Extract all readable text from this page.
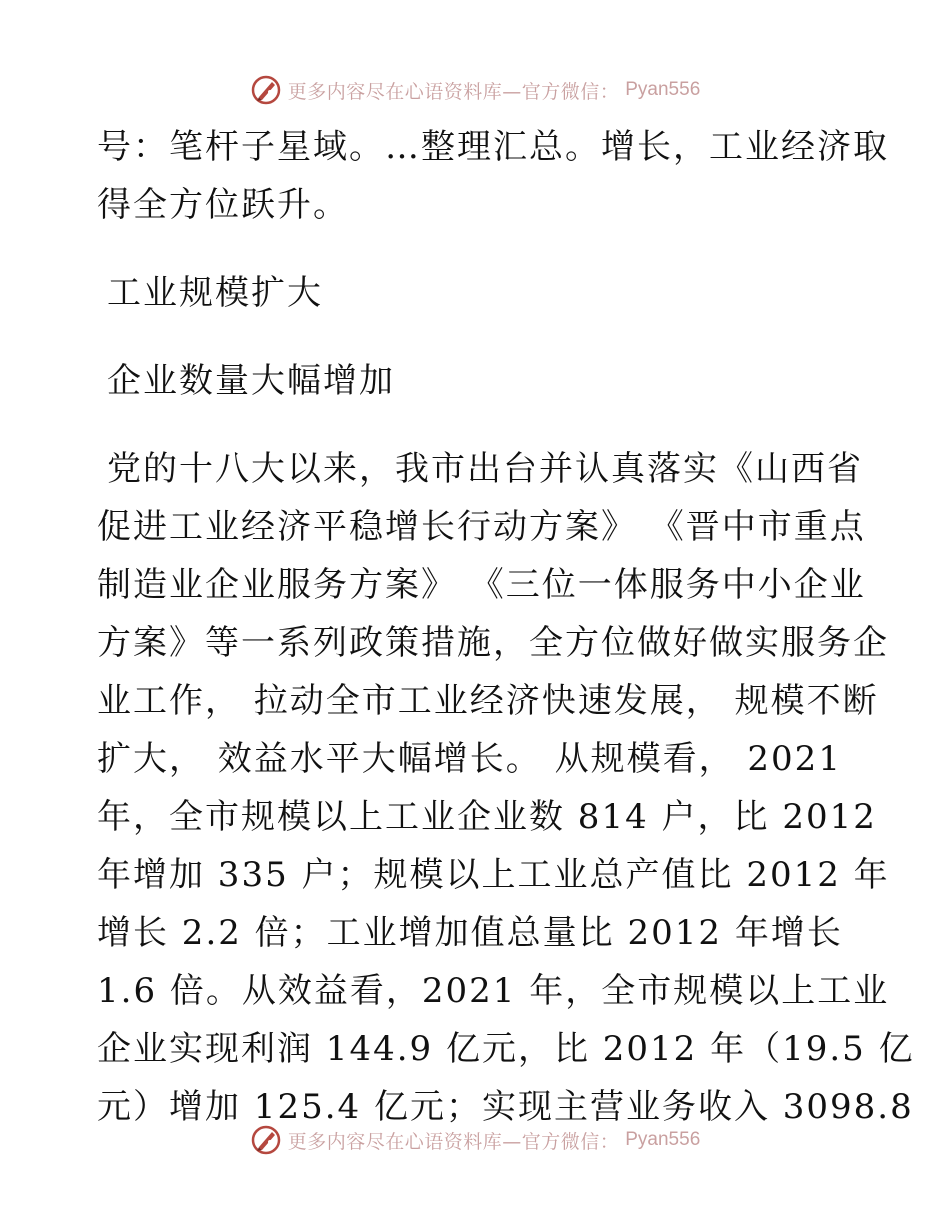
更多内容尽在心语资料库—官方微信： Pyan556
号：笔杆子星域。…整理汇总。增长，工业经济取
得全方位跃升。
工业规模扩大
企业数量大幅增加
党的十八大以来，我市出台并认真落实《山西省
促进工业经济平稳增长行动方案》 《晋中市重点
制造业企业服务方案》 《三位一体服务中小企业
方案》等一系列政策措施，全方位做好做实服务企
业工作， 拉动全市工业经济快速发展， 规模不断
扩大， 效益水平大幅增长。 从规模看， 2021
年，全市规模以上工业企业数 814 户，比 2012
年增加 335 户；规模以上工业总产值比 2012 年
增长 2.2 倍；工业增加值总量比 2012 年增长
1.6 倍。从效益看，2021 年，全市规模以上工业
企业实现利润 144.9 亿元，比 2012 年（19.5 亿
元）增加 125.4 亿元；实现主营业务收入 3098.8
更多内容尽在心语资料库—官方微信： Pyan556
